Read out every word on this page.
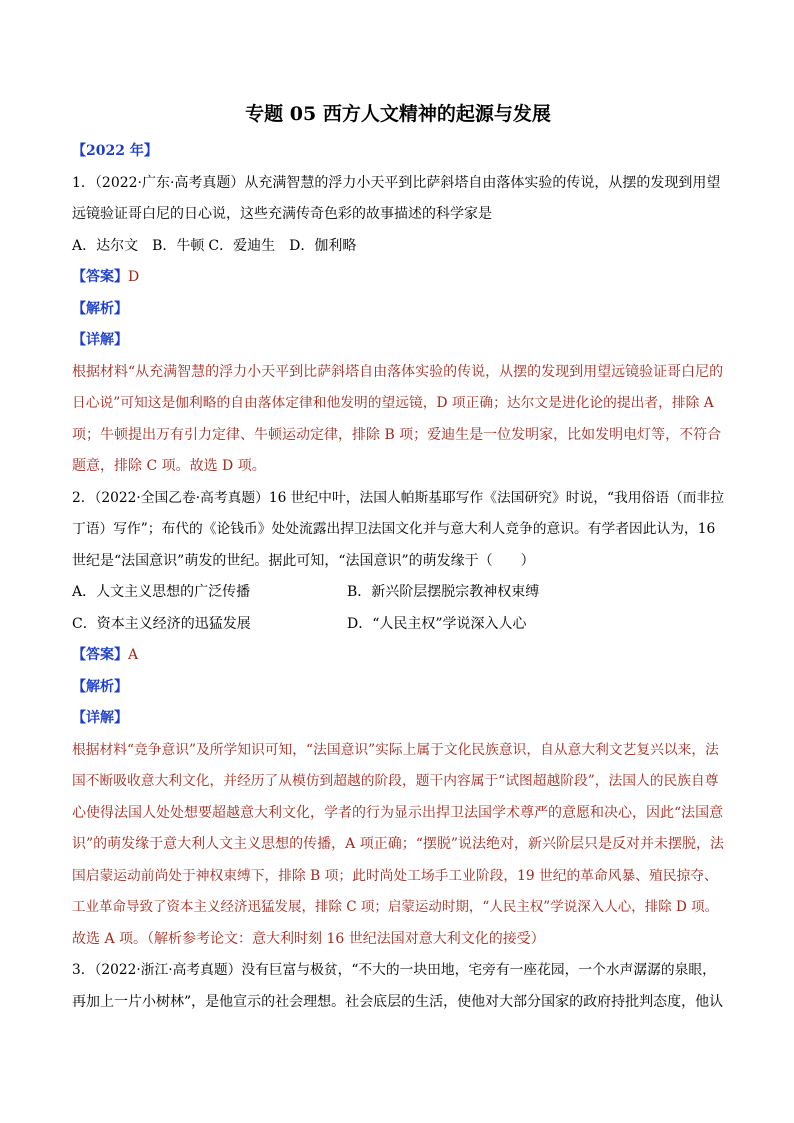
专题 05 西方人文精神的起源与发展
【2022 年】
1．（2022·广东·高考真题）从充满智慧的浮力小天平到比萨斜塔自由落体实验的传说，从摆的发现到用望
远镜验证哥白尼的日心说，这些充满传奇色彩的故事描述的科学家是
A．达尔文 B．牛顿 C．爱迪生 D．伽利略
【答案】D
【解析】
【详解】
根据材料“从充满智慧的浮力小天平到比萨斜塔自由落体实验的传说，从摆的发现到用望远镜验证哥白尼的
日心说”可知这是伽利略的自由落体定律和他发明的望远镜，D 项正确；达尔文是进化论的提出者，排除 A
项；牛顿提出万有引力定律、牛顿运动定律，排除 B 项；爱迪生是一位发明家，比如发明电灯等，不符合
题意，排除 C 项。故选 D 项。
2．（2022·全国乙卷·高考真题）16 世纪中叶，法国人帕斯基耶写作《法国研究》时说，“我用俗语（而非拉
丁语）写作”；布代的《论钱币》处处流露出捍卫法国文化并与意大利人竞争的意识。有学者因此认为，16
世纪是“法国意识”萌发的世纪。据此可知，“法国意识”的萌发缘于（　　）
A．人文主义思想的广泛传播	B．新兴阶层摆脱宗教神权束缚
C．资本主义经济的迅猛发展	D．“人民主权”学说深入人心
【答案】A
【解析】
【详解】
根据材料“竞争意识”及所学知识可知，“法国意识”实际上属于文化民族意识，自从意大利文艺复兴以来，法
国不断吸收意大利文化，并经历了从模仿到超越的阶段，题干内容属于“试图超越阶段”，法国人的民族自尊
心使得法国人处处想要超越意大利文化，学者的行为显示出捍卫法国学术尊严的意愿和决心，因此“法国意
识”的萌发缘于意大利人文主义思想的传播，A 项正确；“摆脱”说法绝对，新兴阶层只是反对并未摆脱，法
国启蒙运动前尚处于神权束缚下，排除 B 项；此时尚处工场手工业阶段，19 世纪的革命风暴、殖民掠夺、
工业革命导致了资本主义经济迅猛发展，排除 C 项；启蒙运动时期，“人民主权”学说深入人心，排除 D 项。
故选 A 项。（解析参考论文：意大利时刻 16 世纪法国对意大利文化的接受）
3．（2022·浙江·高考真题）没有巨富与极贫，“不大的一块田地，宅旁有一座花园，一个水声潺潺的泉眼，
再加上一片小树林”，是他宣示的社会理想。社会底层的生活，使他对大部分国家的政府持批判态度，他认
